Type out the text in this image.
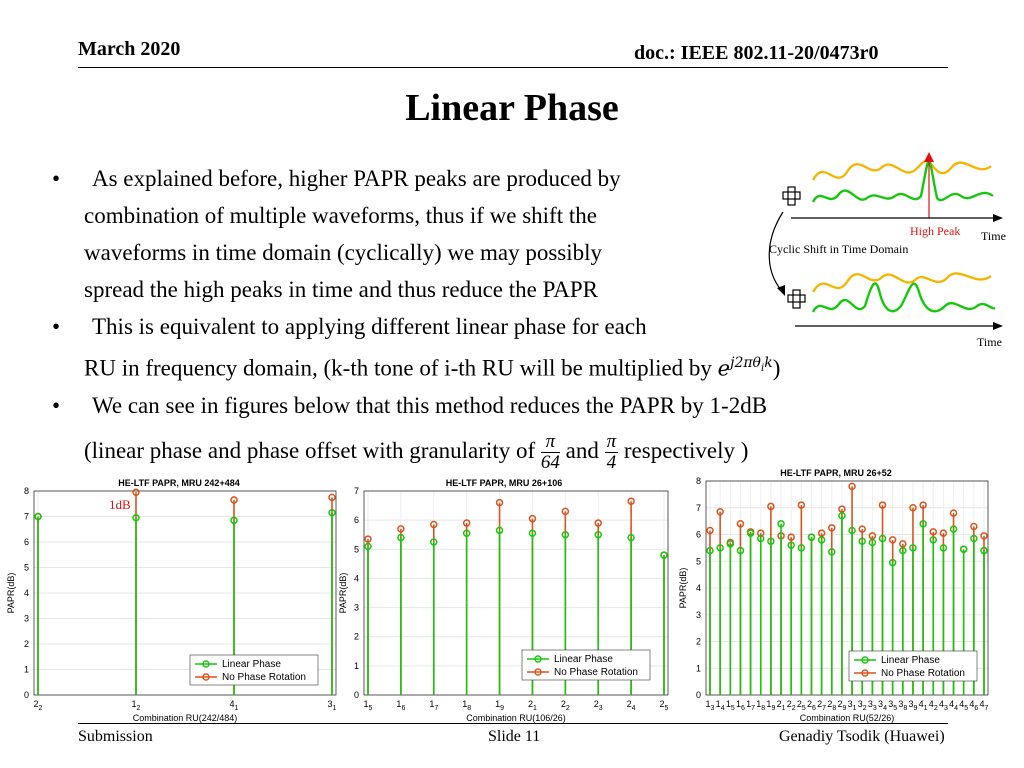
March 2020	doc.: IEEE 802.11-20/0473r0
Linear Phase
• As explained before, higher PAPR peaks are produced by
combination of multiple waveforms, thus if we shift the
waveforms in time domain (cyclically) we may possibly
spread the high peaks in time and thus reduce the PAPR
• This is equivalent to applying different linear phase for each
RU in frequency domain, (k-th tone of i-th RU will be multiplied by $e^{j2\pi\theta_ik}$)
• We can see in figures below that this method reduces the PAPR by 1-2dB
(linear phase and phase offset with granularity of $\frac{\pi}{64}$ and $\frac{\pi}{4}$ respectively )
High Peak Time
Cyclic Shift in Time Domain
Time
0
1
2
3
4
5
6
7
8
$2_2$	$1_2$	$4_1$	$3_1$
HE-LTF PAPR, MRU 242+484
Combination RU(242/484)
PAPR(dB)
Linear Phase
No Phase Rotation
1dB
0
1
2
3
4
5
6
7
$1_5$	$1_6$	$1_7$	$1_8$	$1_9$	$2_1$	$2_2$	$2_3$	$2_4$	$2_5$
HE-LTF PAPR, MRU 26+106
Combination RU(106/26)
PAPR(dB)
Linear Phase
No Phase Rotation
0
1
2
3
4
5
6
7
8
$1_3$ $1_4$ $1_5$ $1_6$ $1_7$ $1_8$ $1_9$ $2_1$ $2_2$ $2_5$ $2_6$ $2_7$ $2_8$ $2_9$ $3_1$ $3_2$ $3_3$ $3_4$ $3_5$ $3_8$ $3_9$ $4_1$ $4_2$ $4_3$ $4_4$ $4_5$ $4_6$ $4_7$
HE-LTF PAPR, MRU 26+52
Combination RU(52/26)
PAPR(dB)
Linear Phase
No Phase Rotation
Submission	Slide 11	Genadiy Tsodik (Huawei)
